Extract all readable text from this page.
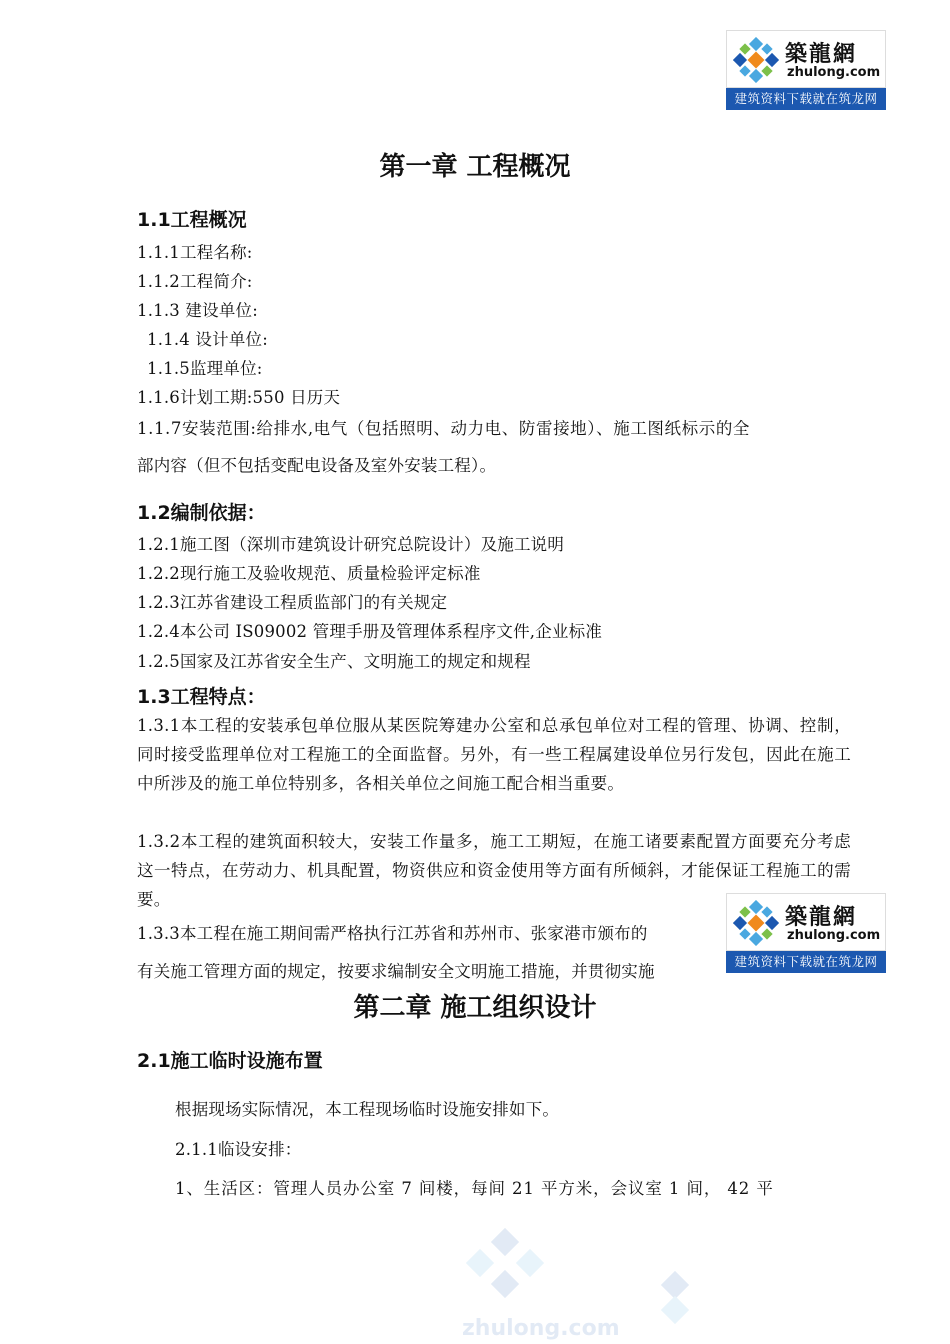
築龍網
zhulong.com
建筑资料下载就在筑龙网
第一章 工程概况
1.1工程概况
1.1.1工程名称:
1.1.2工程简介:
1.1.3 建设单位:
1.1.4 设计单位:
1.1.5监理单位:
1.1.6计划工期:550 日历天
1.1.7安装范围:给排水,电气（包括照明、动力电、防雷接地）、施工图纸标示的全
部内容（但不包括变配电设备及室外安装工程）。
1.2编制依据：
1.2.1施工图（深圳市建筑设计研究总院设计）及施工说明
1.2.2现行施工及验收规范、质量检验评定标准
1.2.3江苏省建设工程质监部门的有关规定
1.2.4本公司 IS09002 管理手册及管理体系程序文件,企业标准
1.2.5国家及江苏省安全生产、文明施工的规定和规程
1.3工程特点：
1.3.1本工程的安装承包单位服从某医院筹建办公室和总承包单位对工程的管理、协调、控制，同时接受监理单位对工程施工的全面监督。另外，有一些工程属建设单位另行发包，因此在施工中所涉及的施工单位特别多，各相关单位之间施工配合相当重要。
1.3.2本工程的建筑面积较大，安装工作量多，施工工期短，在施工诸要素配置方面要充分考虑这一特点，在劳动力、机具配置，物资供应和资金使用等方面有所倾斜，才能保证工程施工的需要。
1.3.3本工程在施工期间需严格执行江苏省和苏州市、张家港市颁布的
有关施工管理方面的规定，按要求编制安全文明施工措施，并贯彻实施
築龍網
zhulong.com
建筑资料下载就在筑龙网
第二章 施工组织设计
2.1施工临时设施布置
根据现场实际情况，本工程现场临时设施安排如下。
2.1.1临设安排：
1、生活区：管理人员办公室 7 间楼，每间 21 平方米，会议室 1 间， 42 平
zhulong.com
